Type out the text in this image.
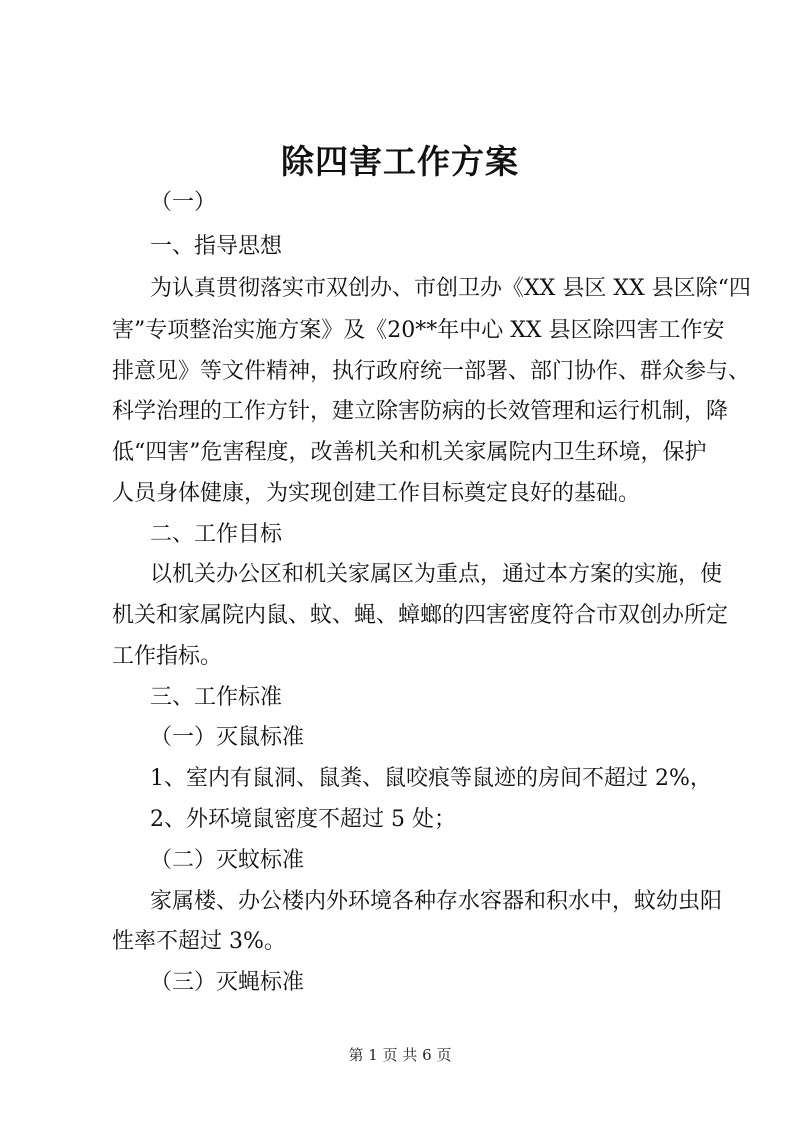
除四害工作方案
（一）
一、指导思想
为认真贯彻落实市双创办、市创卫办《XX 县区 XX 县区除“四
害”专项整治实施方案》及《20**年中心 XX 县区除四害工作安
排意见》等文件精神，执行政府统一部署、部门协作、群众参与、
科学治理的工作方针，建立除害防病的长效管理和运行机制，降
低“四害”危害程度，改善机关和机关家属院内卫生环境，保护
人员身体健康，为实现创建工作目标奠定良好的基础。
二、工作目标
以机关办公区和机关家属区为重点，通过本方案的实施，使
机关和家属院内鼠、蚊、蝇、蟑螂的四害密度符合市双创办所定
工作指标。
三、工作标准
（一）灭鼠标准
1、室内有鼠洞、鼠粪、鼠咬痕等鼠迹的房间不超过 2%，
2、外环境鼠密度不超过 5 处；
（二）灭蚊标准
家属楼、办公楼内外环境各种存水容器和积水中，蚊幼虫阳
性率不超过 3%。
（三）灭蝇标准
第 1 页 共 6 页
